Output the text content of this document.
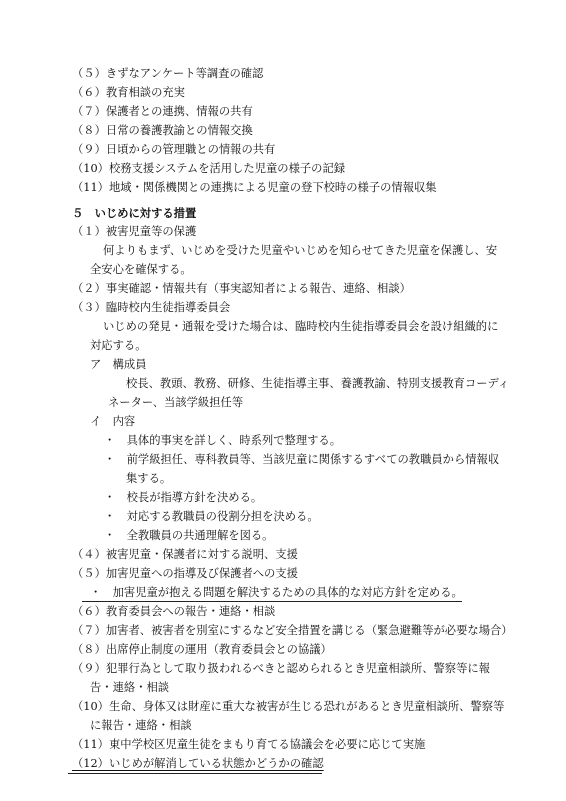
（５）きずなアンケート等調査の確認
（６）教育相談の充実
（７）保護者との連携、情報の共有
（８）日常の養護教諭との情報交換
（９）日頃からの管理職との情報の共有
（10）校務支援システムを活用した児童の様子の記録
（11）地域・関係機関との連携による児童の登下校時の様子の情報収集
５　いじめに対する措置
（１）被害児童等の保護
何よりもまず、いじめを受けた児童やいじめを知らせてきた児童を保護し、安
全安心を確保する。
（２）事実確認・情報共有（事実認知者による報告、連絡、相談）
（３）臨時校内生徒指導委員会
いじめの発見・通報を受けた場合は、臨時校内生徒指導委員会を設け組織的に
対応する。
ア　構成員
校長、教頭、教務、研修、生徒指導主事、養護教諭、特別支援教育コーディ
ネーター、当該学級担任等
イ　内容
・　具体的事実を詳しく、時系列で整理する。
・　前学級担任、専科教員等、当該児童に関係するすべての教職員から情報収
集する。
・　校長が指導方針を決める。
・　対応する教職員の役割分担を決める。
・　全教職員の共通理解を図る。
（４）被害児童・保護者に対する説明、支援
（５）加害児童への指導及び保護者への支援
・　加害児童が抱える問題を解決するための具体的な対応方針を定める。
（６）教育委員会への報告・連絡・相談
（７）加害者、被害者を別室にするなど安全措置を講じる（緊急避難等が必要な場合）
（８）出席停止制度の運用（教育委員会との協議）
（９）犯罪行為として取り扱われるべきと認められるとき児童相談所、警察等に報
告・連絡・相談
（10）生命、身体又は財産に重大な被害が生じる恐れがあるとき児童相談所、警察等
に報告・連絡・相談
（11）東中学校区児童生徒をまもり育てる協議会を必要に応じて実施
（12）いじめが解消している状態かどうかの確認
